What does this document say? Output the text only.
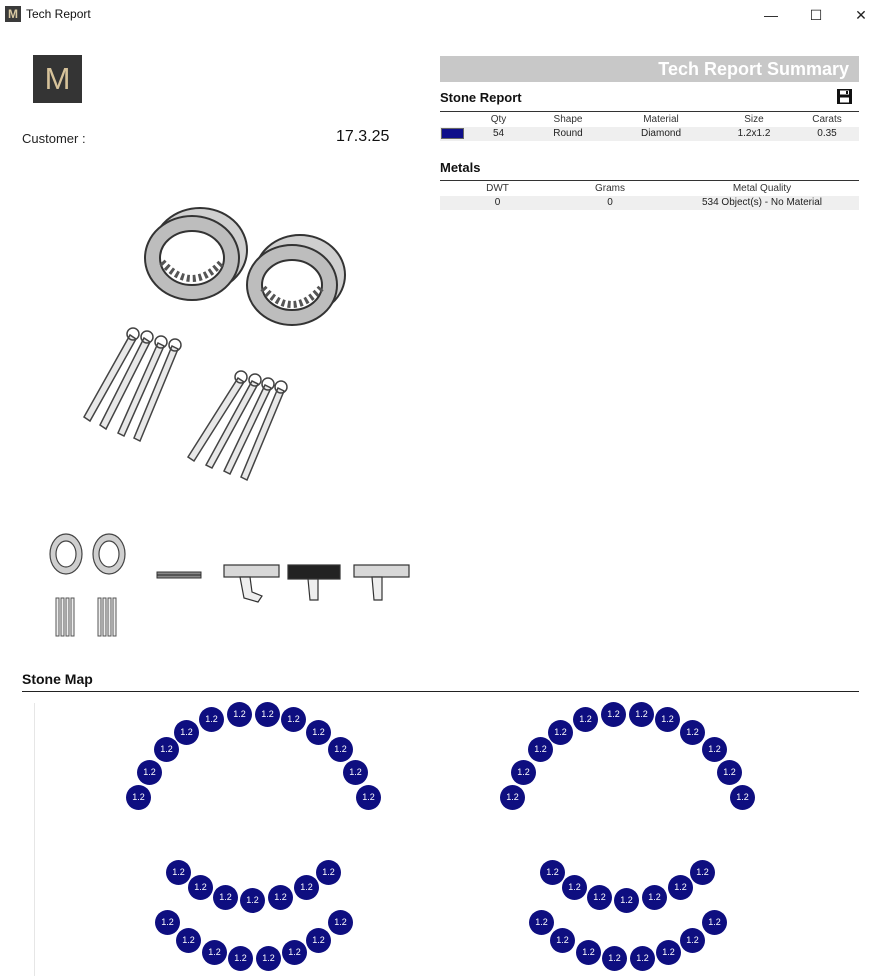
M Tech Report	—	☐	✕
M
Customer :	17.3.25
Tech Report Summary
Stone Report
	Qty	Shape	Material	Size	Carats
	54	Round	Diamond	1.2x1.2	0.35
Metals
DWT	Grams	Metal Quality
0	0	534 Object(s) - No Material
Stone Map
1.2	1.2
1.2	1.2
1.2	1.2
1.2	1.2
1.2	1.2
1.2	1.2
1.2	1.2
1.2	1.2
1.2	1.2
1.2	1.2
1.2	1.2
1.2	1.2
1.2	1.2
1.2	1.2
1.2	1.2
1.2	1.2
1.2	1.2
1.2	1.2
1.2	1.2
1.2	1.2
1.2	1.2
1.2	1.2
1.2	1.2
1.2	1.2
1.2	1.2
1.2	1.2
1.2	1.2
